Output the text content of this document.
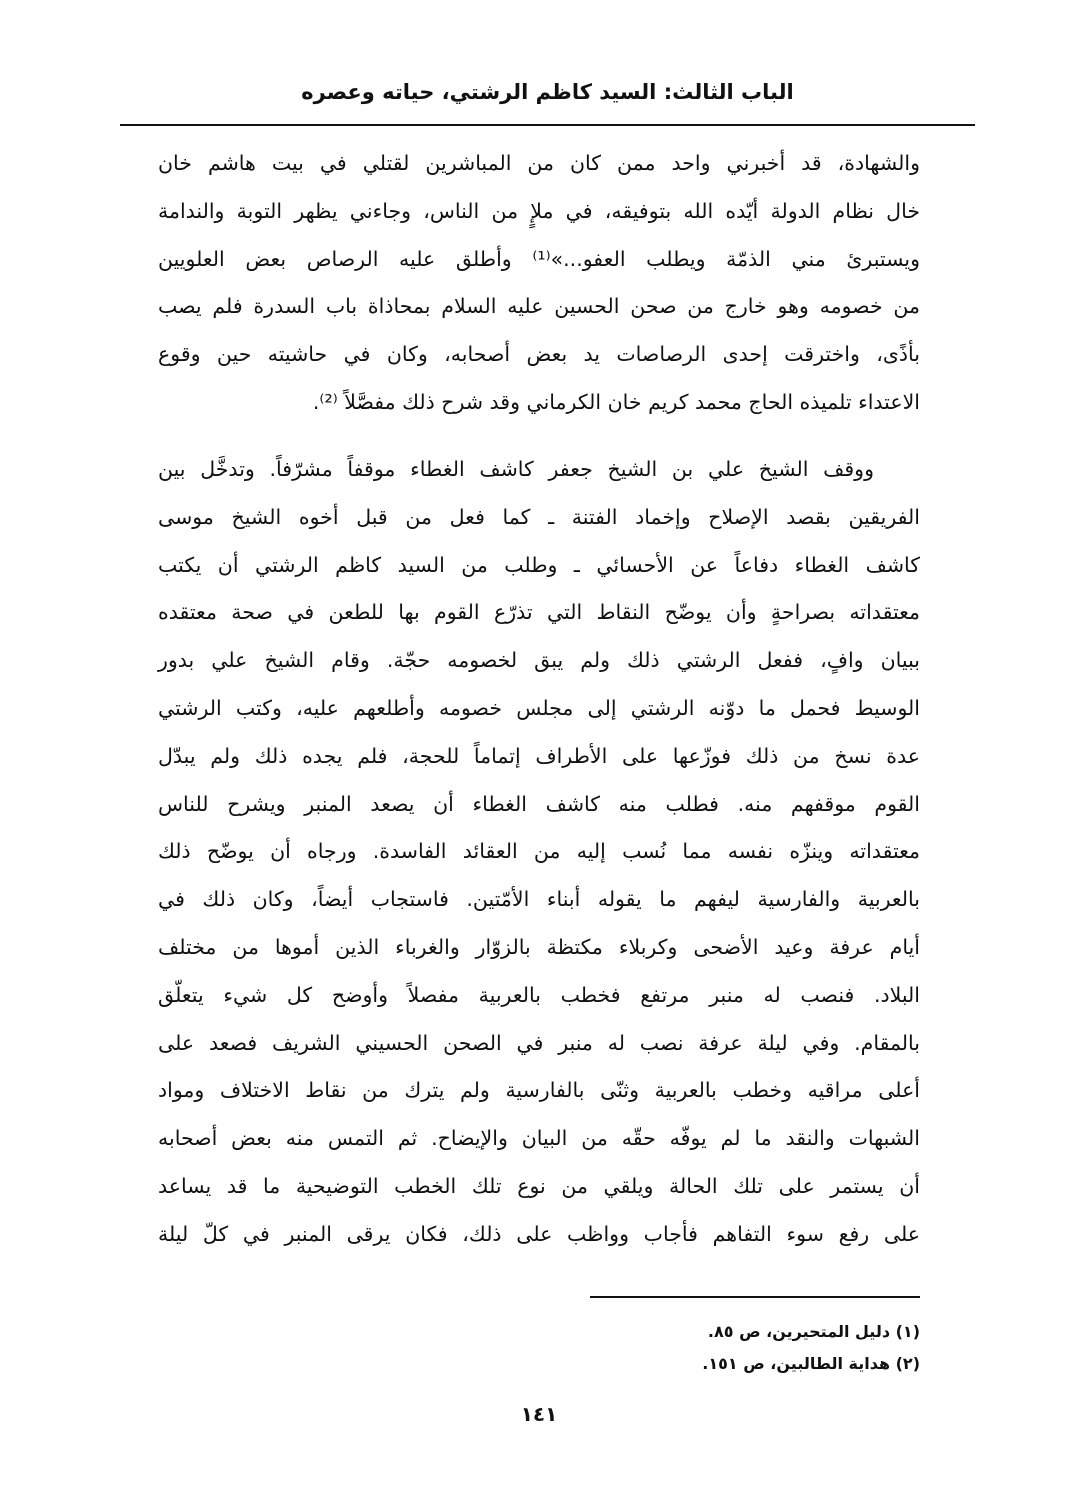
الباب الثالث: السيد كاظم الرشتي، حياته وعصره
والشهادة، قد أخبرني واحد ممن كان من المباشرين لقتلي في بيت هاشم خان
خال نظام الدولة أيّده الله بتوفيقه، في ملإٍ من الناس، وجاءني يظهر التوبة والندامة
ويستبرئ مني الذمّة ويطلب العفو...»⁽¹⁾ وأطلق عليه الرصاص بعض العلويين
من خصومه وهو خارج من صحن الحسين عليه السلام بمحاذاة باب السدرة فلم يصب
بأذًى، واخترقت إحدى الرصاصات يد بعض أصحابه، وكان في حاشيته حين وقوع
الاعتداء تلميذه الحاج محمد كريم خان الكرماني وقد شرح ذلك مفصَّلاً ⁽²⁾.
ووقف الشيخ علي بن الشيخ جعفر كاشف الغطاء موقفاً مشرّفاً. وتدخَّل بين
الفريقين بقصد الإصلاح وإخماد الفتنة ـ كما فعل من قبل أخوه الشيخ موسى
كاشف الغطاء دفاعاً عن الأحسائي ـ وطلب من السيد كاظم الرشتي أن يكتب
معتقداته بصراحةٍ وأن يوضّح النقاط التي تذرّع القوم بها للطعن في صحة معتقده
ببيان وافٍ، ففعل الرشتي ذلك ولم يبق لخصومه حجّة. وقام الشيخ علي بدور
الوسيط فحمل ما دوّنه الرشتي إلى مجلس خصومه وأطلعهم عليه، وكتب الرشتي
عدة نسخ من ذلك فوزّعها على الأطراف إتماماً للحجة، فلم يجده ذلك ولم يبدّل
القوم موقفهم منه. فطلب منه كاشف الغطاء أن يصعد المنبر ويشرح للناس
معتقداته وينزّه نفسه مما نُسب إليه من العقائد الفاسدة. ورجاه أن يوضّح ذلك
بالعربية والفارسية ليفهم ما يقوله أبناء الأمّتين. فاستجاب أيضاً، وكان ذلك في
أيام عرفة وعيد الأضحى وكربلاء مكتظة بالزوّار والغرباء الذين أموها من مختلف
البلاد. فنصب له منبر مرتفع فخطب بالعربية مفصلاً وأوضح كل شيء يتعلّق
بالمقام. وفي ليلة عرفة نصب له منبر في الصحن الحسيني الشريف فصعد على
أعلى مراقيه وخطب بالعربية وثنّى بالفارسية ولم يترك من نقاط الاختلاف ومواد
الشبهات والنقد ما لم يوفّه حقّه من البيان والإيضاح. ثم التمس منه بعض أصحابه
أن يستمر على تلك الحالة ويلقي من نوع تلك الخطب التوضيحية ما قد يساعد
على رفع سوء التفاهم فأجاب وواظب على ذلك، فكان يرقى المنبر في كلّ ليلة
(١) دليل المتحيرين، ص ٨٥.
(٢) هداية الطالبين، ص ١٥١.
١٤١
